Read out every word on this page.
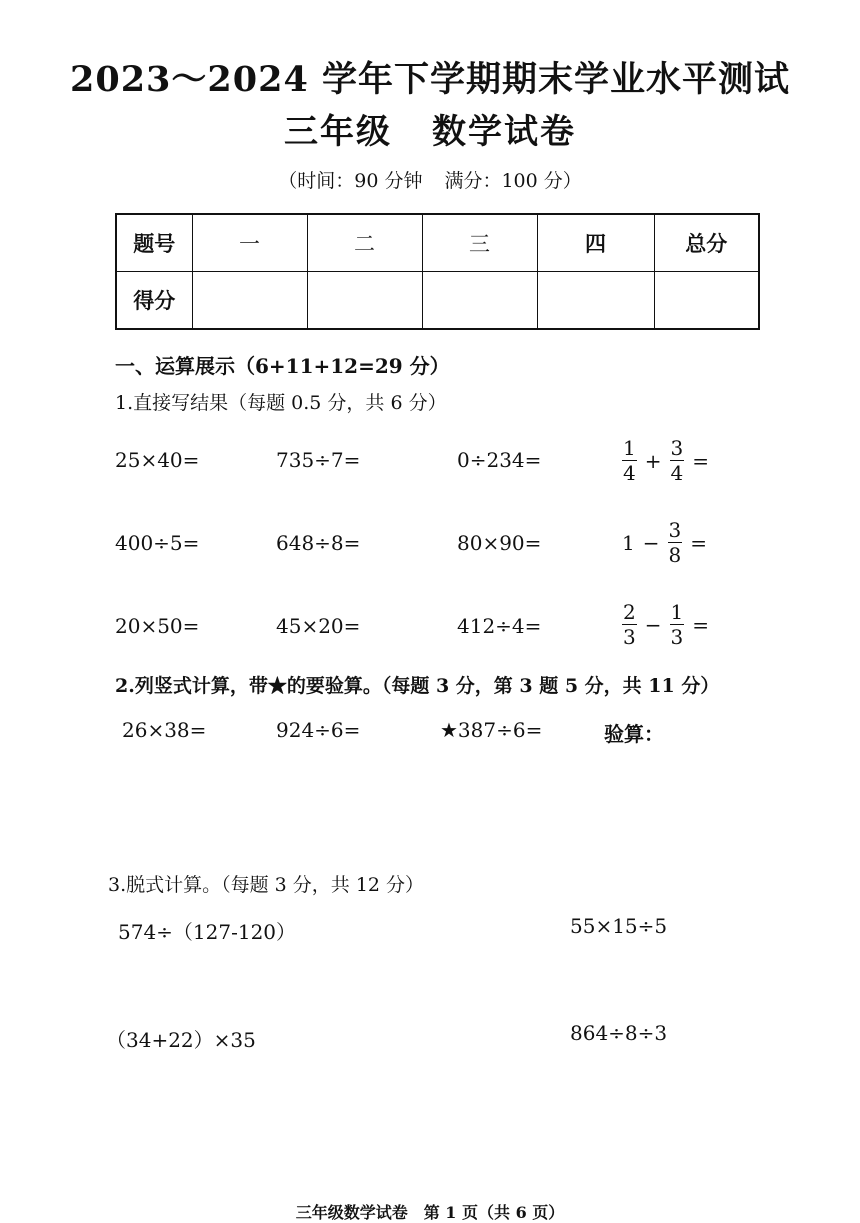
2023～2024 学年下学期期末学业水平测试
三年级 数学试卷
（时间：90 分钟 满分：100 分）
题号	一	二	三	四	总分
得分					
一、运算展示（6+11+12=29 分）
1.直接写结果（每题 0.5 分，共 6 分）
25×40=	735÷7=	0÷234=	$\frac{1}{4} + \frac{3}{4}$ =
400÷5=	648÷8=	80×90=	$1 - \frac{3}{8}$ =
20×50=	45×20=	412÷4=	$\frac{2}{3} - \frac{1}{3}$ =
2.列竖式计算，带★的要验算。（每题 3 分，第 3 题 5 分，共 11 分）
26×38=	924÷6=	★387÷6=	验算：
3.脱式计算。（每题 3 分，共 12 分）
574÷（127-120）	55×15÷5
（34+22）×35	864÷8÷3
三年级数学试卷　第 1 页（共 6 页）
